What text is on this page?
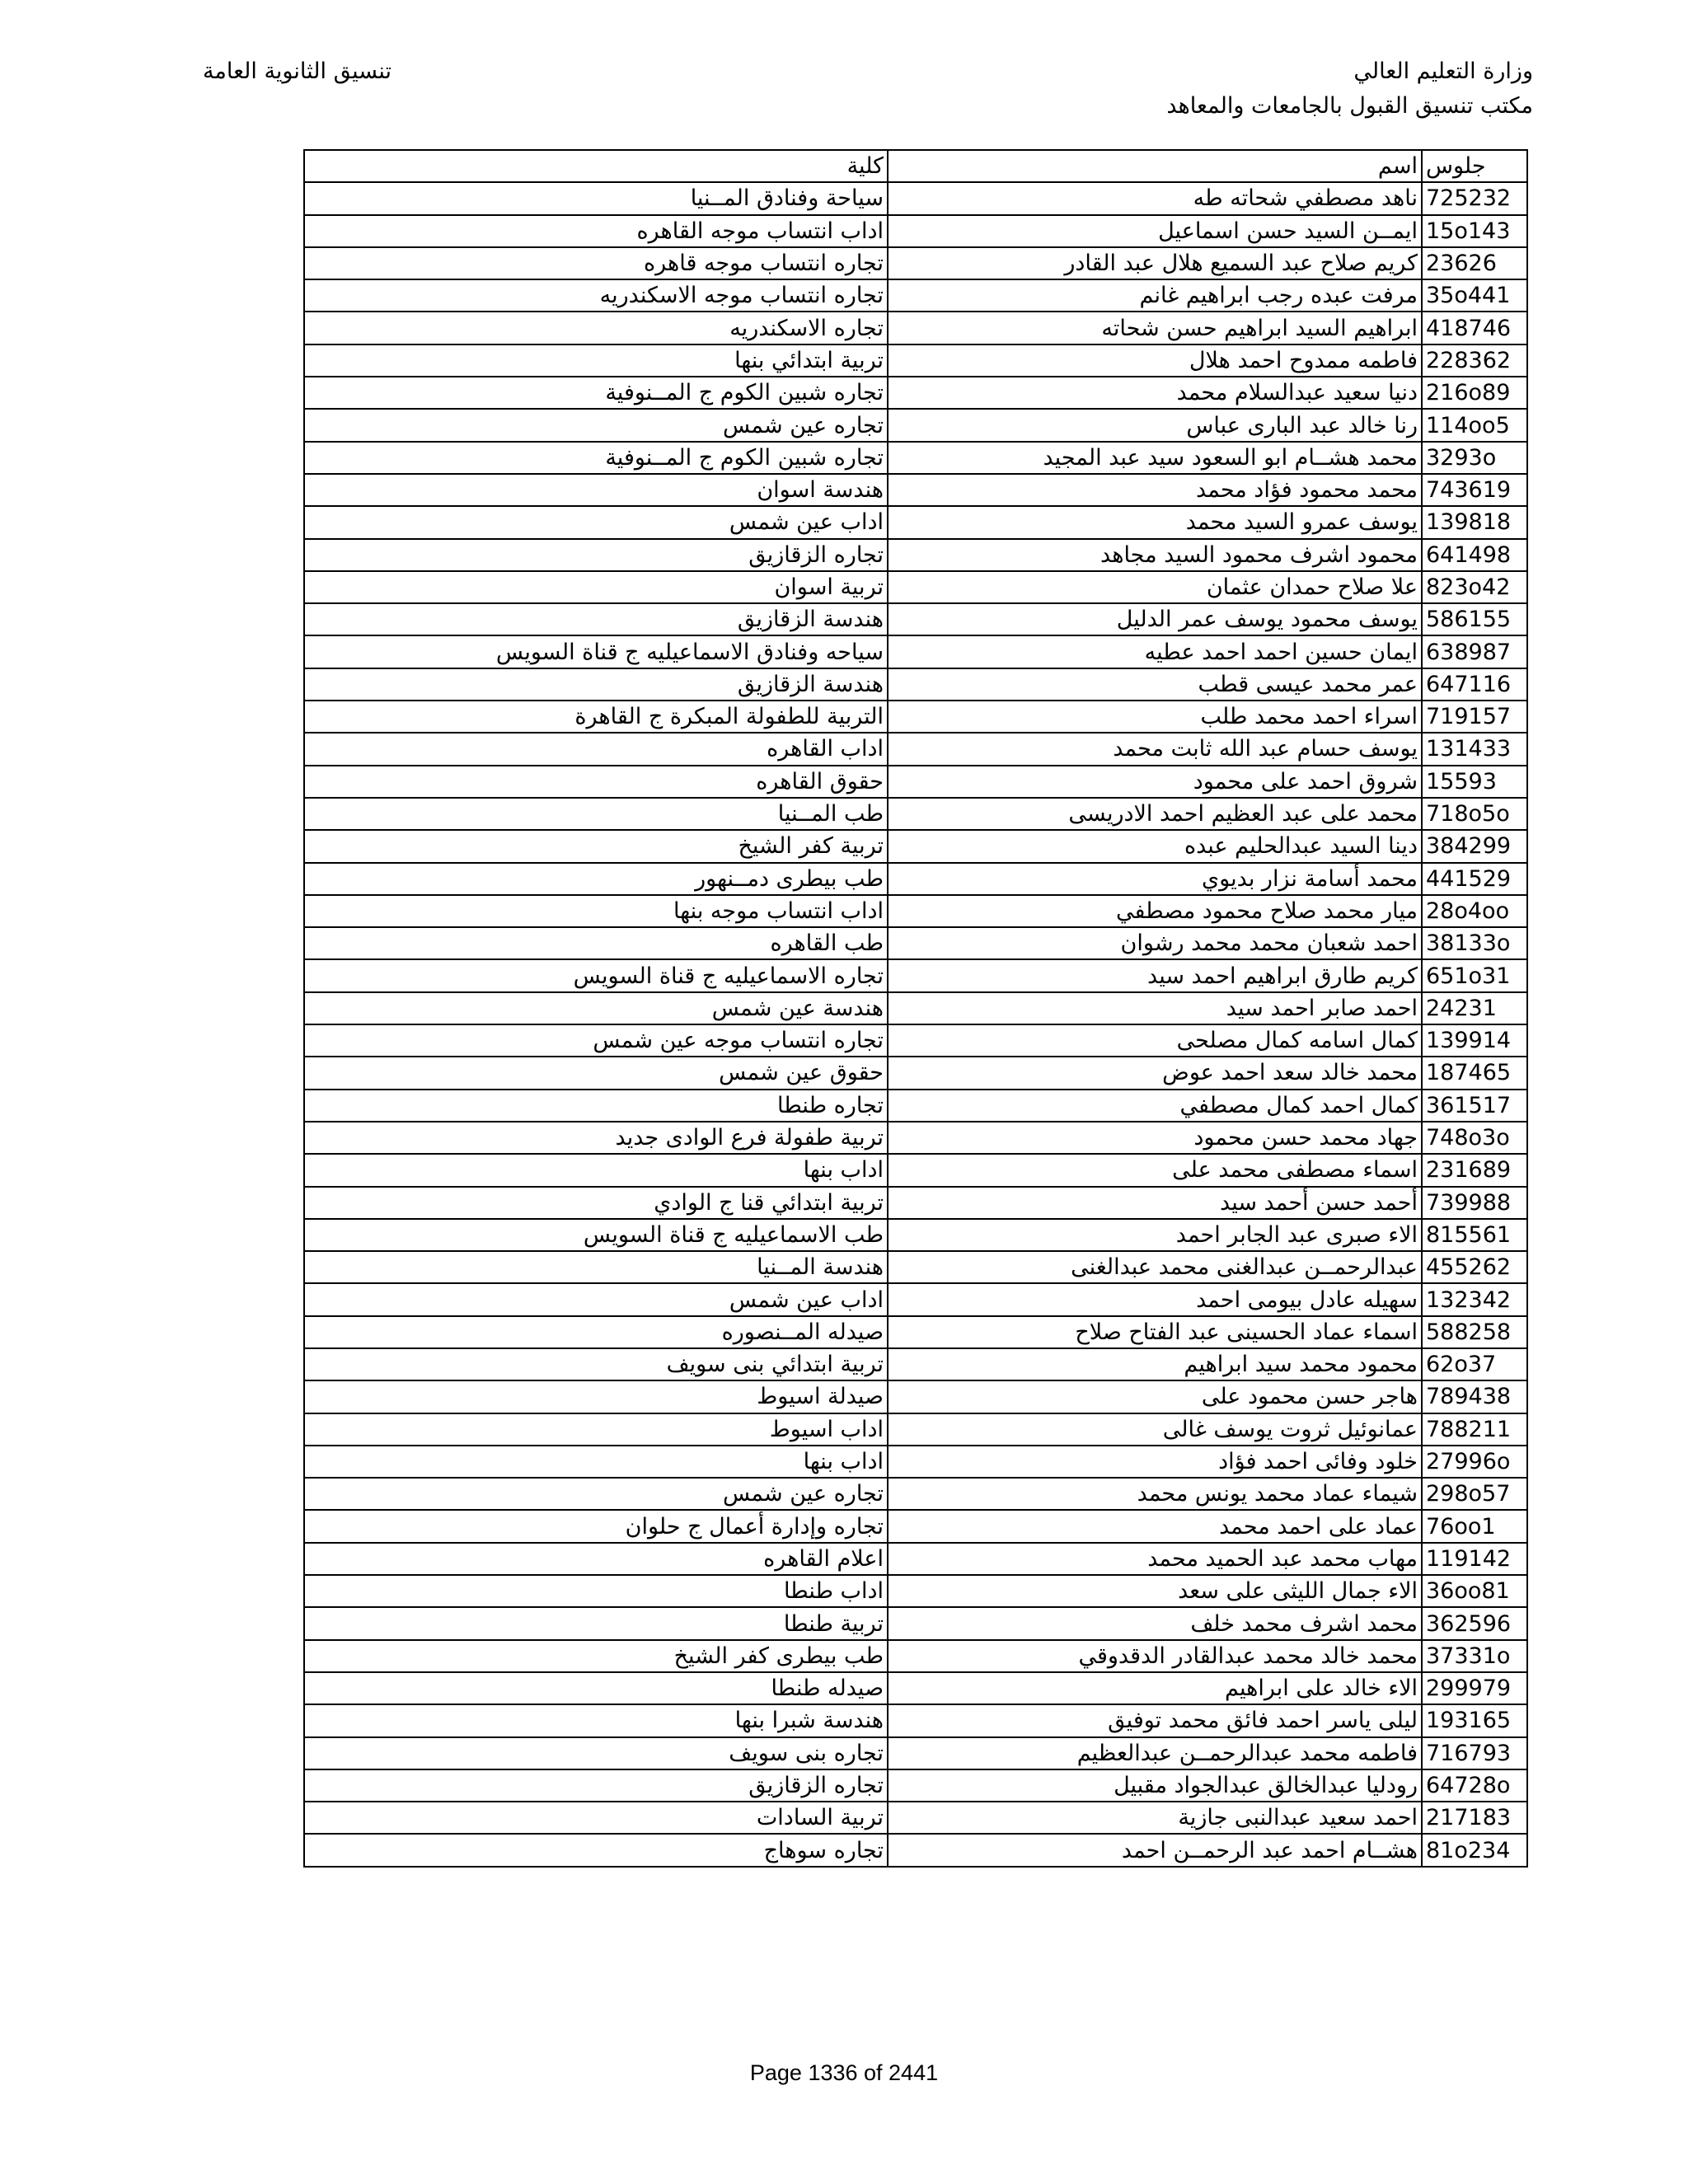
وزارة التعليم العالي
مكتب تنسيق القبول بالجامعات والمعاهد
تنسيق الثانوية العامة
كلية	اسم	جلوس
سياحة وفنادق المــنيا	ناهد مصطفي شحاته طه	725232
اداب انتساب موجه القاهره	ايمــن السيد حسن اسماعيل	15o143
تجاره انتساب موجه قاهره	كريم صلاح عبد السميع هلال عبد القادر	23626
تجاره انتساب موجه الاسكندريه	مرفت عبده رجب ابراهيم غانم	35o441
تجاره الاسكندريه	ابراهيم السيد ابراهيم حسن شحاته	418746
تربية ابتدائي بنها	فاطمه ممدوح احمد هلال	228362
تجاره شبين الكوم ج المــنوفية	دنيا سعيد عبدالسلام محمد	216o89
تجاره عين شمس	رنا خالد عبد البارى عباس	114oo5
تجاره شبين الكوم ج المــنوفية	محمد هشــام ابو السعود سيد عبد المجيد	3293o
هندسة اسوان	محمد محمود فؤاد محمد	743619
اداب عين شمس	يوسف عمرو السيد محمد	139818
تجاره الزقازيق	محمود اشرف محمود السيد مجاهد	641498
تربية اسوان	علا صلاح حمدان عثمان	823o42
هندسة الزقازيق	يوسف محمود يوسف عمر الدليل	586155
سياحه وفنادق الاسماعيليه ج قناة السويس	ايمان حسين احمد احمد عطيه	638987
هندسة الزقازيق	عمر محمد عيسى قطب	647116
التربية للطفولة المبكرة ج القاهرة	اسراء احمد محمد طلب	719157
اداب القاهره	يوسف حسام عبد الله ثابت محمد	131433
حقوق القاهره	شروق احمد على محمود	15593
طب المــنيا	محمد على عبد العظيم احمد الادريسى	718o5o
تربية كفر الشيخ	دينا السيد عبدالحليم عبده	384299
طب بيطرى دمــنهور	محمد أسامة نزار بديوي	441529
اداب انتساب موجه بنها	ميار محمد صلاح محمود مصطفي	28o4oo
طب القاهره	احمد شعبان محمد محمد رشوان	38133o
تجاره الاسماعيليه ج قناة السويس	كريم طارق ابراهيم احمد سيد	651o31
هندسة عين شمس	احمد صابر احمد سيد	24231
تجاره انتساب موجه عين شمس	كمال اسامه كمال مصلحى	139914
حقوق عين شمس	محمد خالد سعد احمد عوض	187465
تجاره طنطا	كمال احمد كمال مصطفي	361517
تربية طفولة فرع الوادى جديد	جهاد محمد حسن محمود	748o3o
اداب بنها	اسماء مصطفى محمد على	231689
تربية ابتدائي قنا ج الوادي	أحمد حسن أحمد سيد	739988
طب الاسماعيليه ج قناة السويس	الاء صبرى عبد الجابر احمد	815561
هندسة المــنيا	عبدالرحمــن عبدالغنى محمد عبدالغنى	455262
اداب عين شمس	سهيله عادل بيومى احمد	132342
صيدله المــنصوره	اسماء عماد الحسينى عبد الفتاح صلاح	588258
تربية ابتدائي بنى سويف	محمود محمد سيد ابراهيم	62o37
صيدلة اسيوط	هاجر حسن محمود على	789438
اداب اسيوط	عمانوئيل ثروت يوسف غالى	788211
اداب بنها	خلود وفائى احمد فؤاد	27996o
تجاره عين شمس	شيماء عماد محمد يونس محمد	298o57
تجاره وإدارة أعمال ج حلوان	عماد على احمد محمد	76oo1
اعلام القاهره	مهاب محمد عبد الحميد محمد	119142
اداب طنطا	الاء جمال الليثى على سعد	36oo81
تربية طنطا	محمد اشرف محمد خلف	362596
طب بيطرى كفر الشيخ	محمد خالد محمد عبدالقادر الدقدوقي	37331o
صيدله طنطا	الاء خالد على ابراهيم	299979
هندسة شبرا بنها	ليلى ياسر احمد فائق محمد توفيق	193165
تجاره بنى سويف	فاطمه محمد عبدالرحمــن عبدالعظيم	716793
تجاره الزقازيق	رودليا عبدالخالق عبدالجواد مقبيل	64728o
تربية السادات	احمد سعيد عبدالنبى جازية	217183
تجاره سوهاج	هشــام احمد عبد الرحمــن احمد	81o234
Page 1336 of 2441
